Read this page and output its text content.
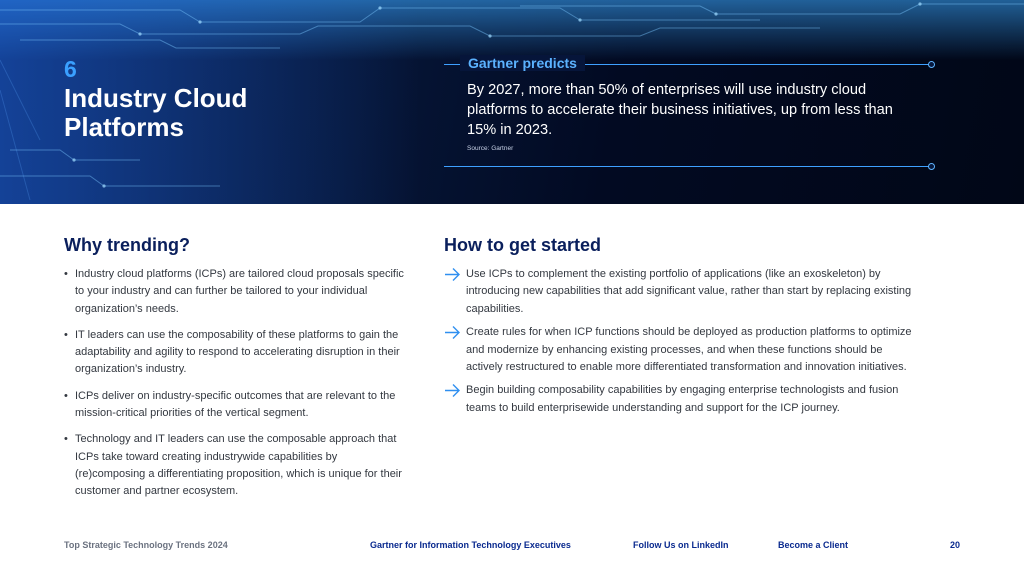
6
Industry Cloud Platforms
Gartner predicts
By 2027, more than 50% of enterprises will use industry cloud platforms to accelerate their business initiatives, up from less than 15% in 2023.
Source: Gartner
Why trending?
• Industry cloud platforms (ICPs) are tailored cloud proposals specific to your industry and can further be tailored to your individual organization’s needs.
• IT leaders can use the composability of these platforms to gain the adaptability and agility to respond to accelerating disruption in their organization’s industry.
• ICPs deliver on industry-specific outcomes that are relevant to the mission-critical priorities of the vertical segment.
• Technology and IT leaders can use the composable approach that ICPs take toward creating industrywide capabilities by (re)composing a differentiating proposition, which is unique for their customer and partner ecosystem.
How to get started
Use ICPs to complement the existing portfolio of applications (like an exoskeleton) by introducing new capabilities that add significant value, rather than start by replacing existing capabilities.
Create rules for when ICP functions should be deployed as production platforms to optimize and modernize by enhancing existing processes, and when these functions should be actively restructured to enable more differentiated transformation and innovation initiatives.
Begin building composability capabilities by engaging enterprise technologists and fusion teams to build enterprisewide understanding and support for the ICP journey.
Top Strategic Technology Trends 2024	Gartner for Information Technology Executives	Follow Us on LinkedIn	Become a Client	20
